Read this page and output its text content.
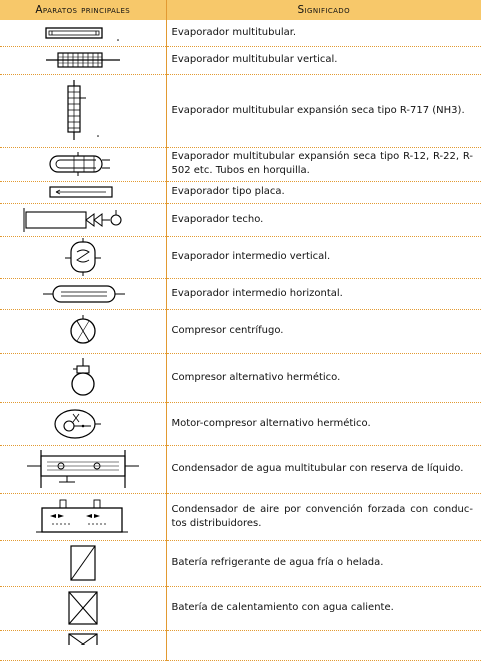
Aparatos principales	Significado

	Evaporador multitubular.

	Evaporador multitubular vertical.

	Evaporador multitubular expansión seca tipo R-717 (NH3).

	Evaporador multitubular expansión seca tipo R-12, R-22, R-502 etc. Tubos en horquilla.

	Evaporador tipo placa.

	Evaporador techo.

	Evaporador intermedio vertical.

	Evaporador intermedio horizontal.

	Compresor centrífugo.

	Compresor alternativo hermético.

	Motor-compresor alternativo hermético.

	Condensador de agua multitubular con reserva de líquido.

	Condensador de aire por convención forzada con conduc-tos distribuidores.

	Batería refrigerante de agua fría o helada.

	Batería de calentamiento con agua caliente.
